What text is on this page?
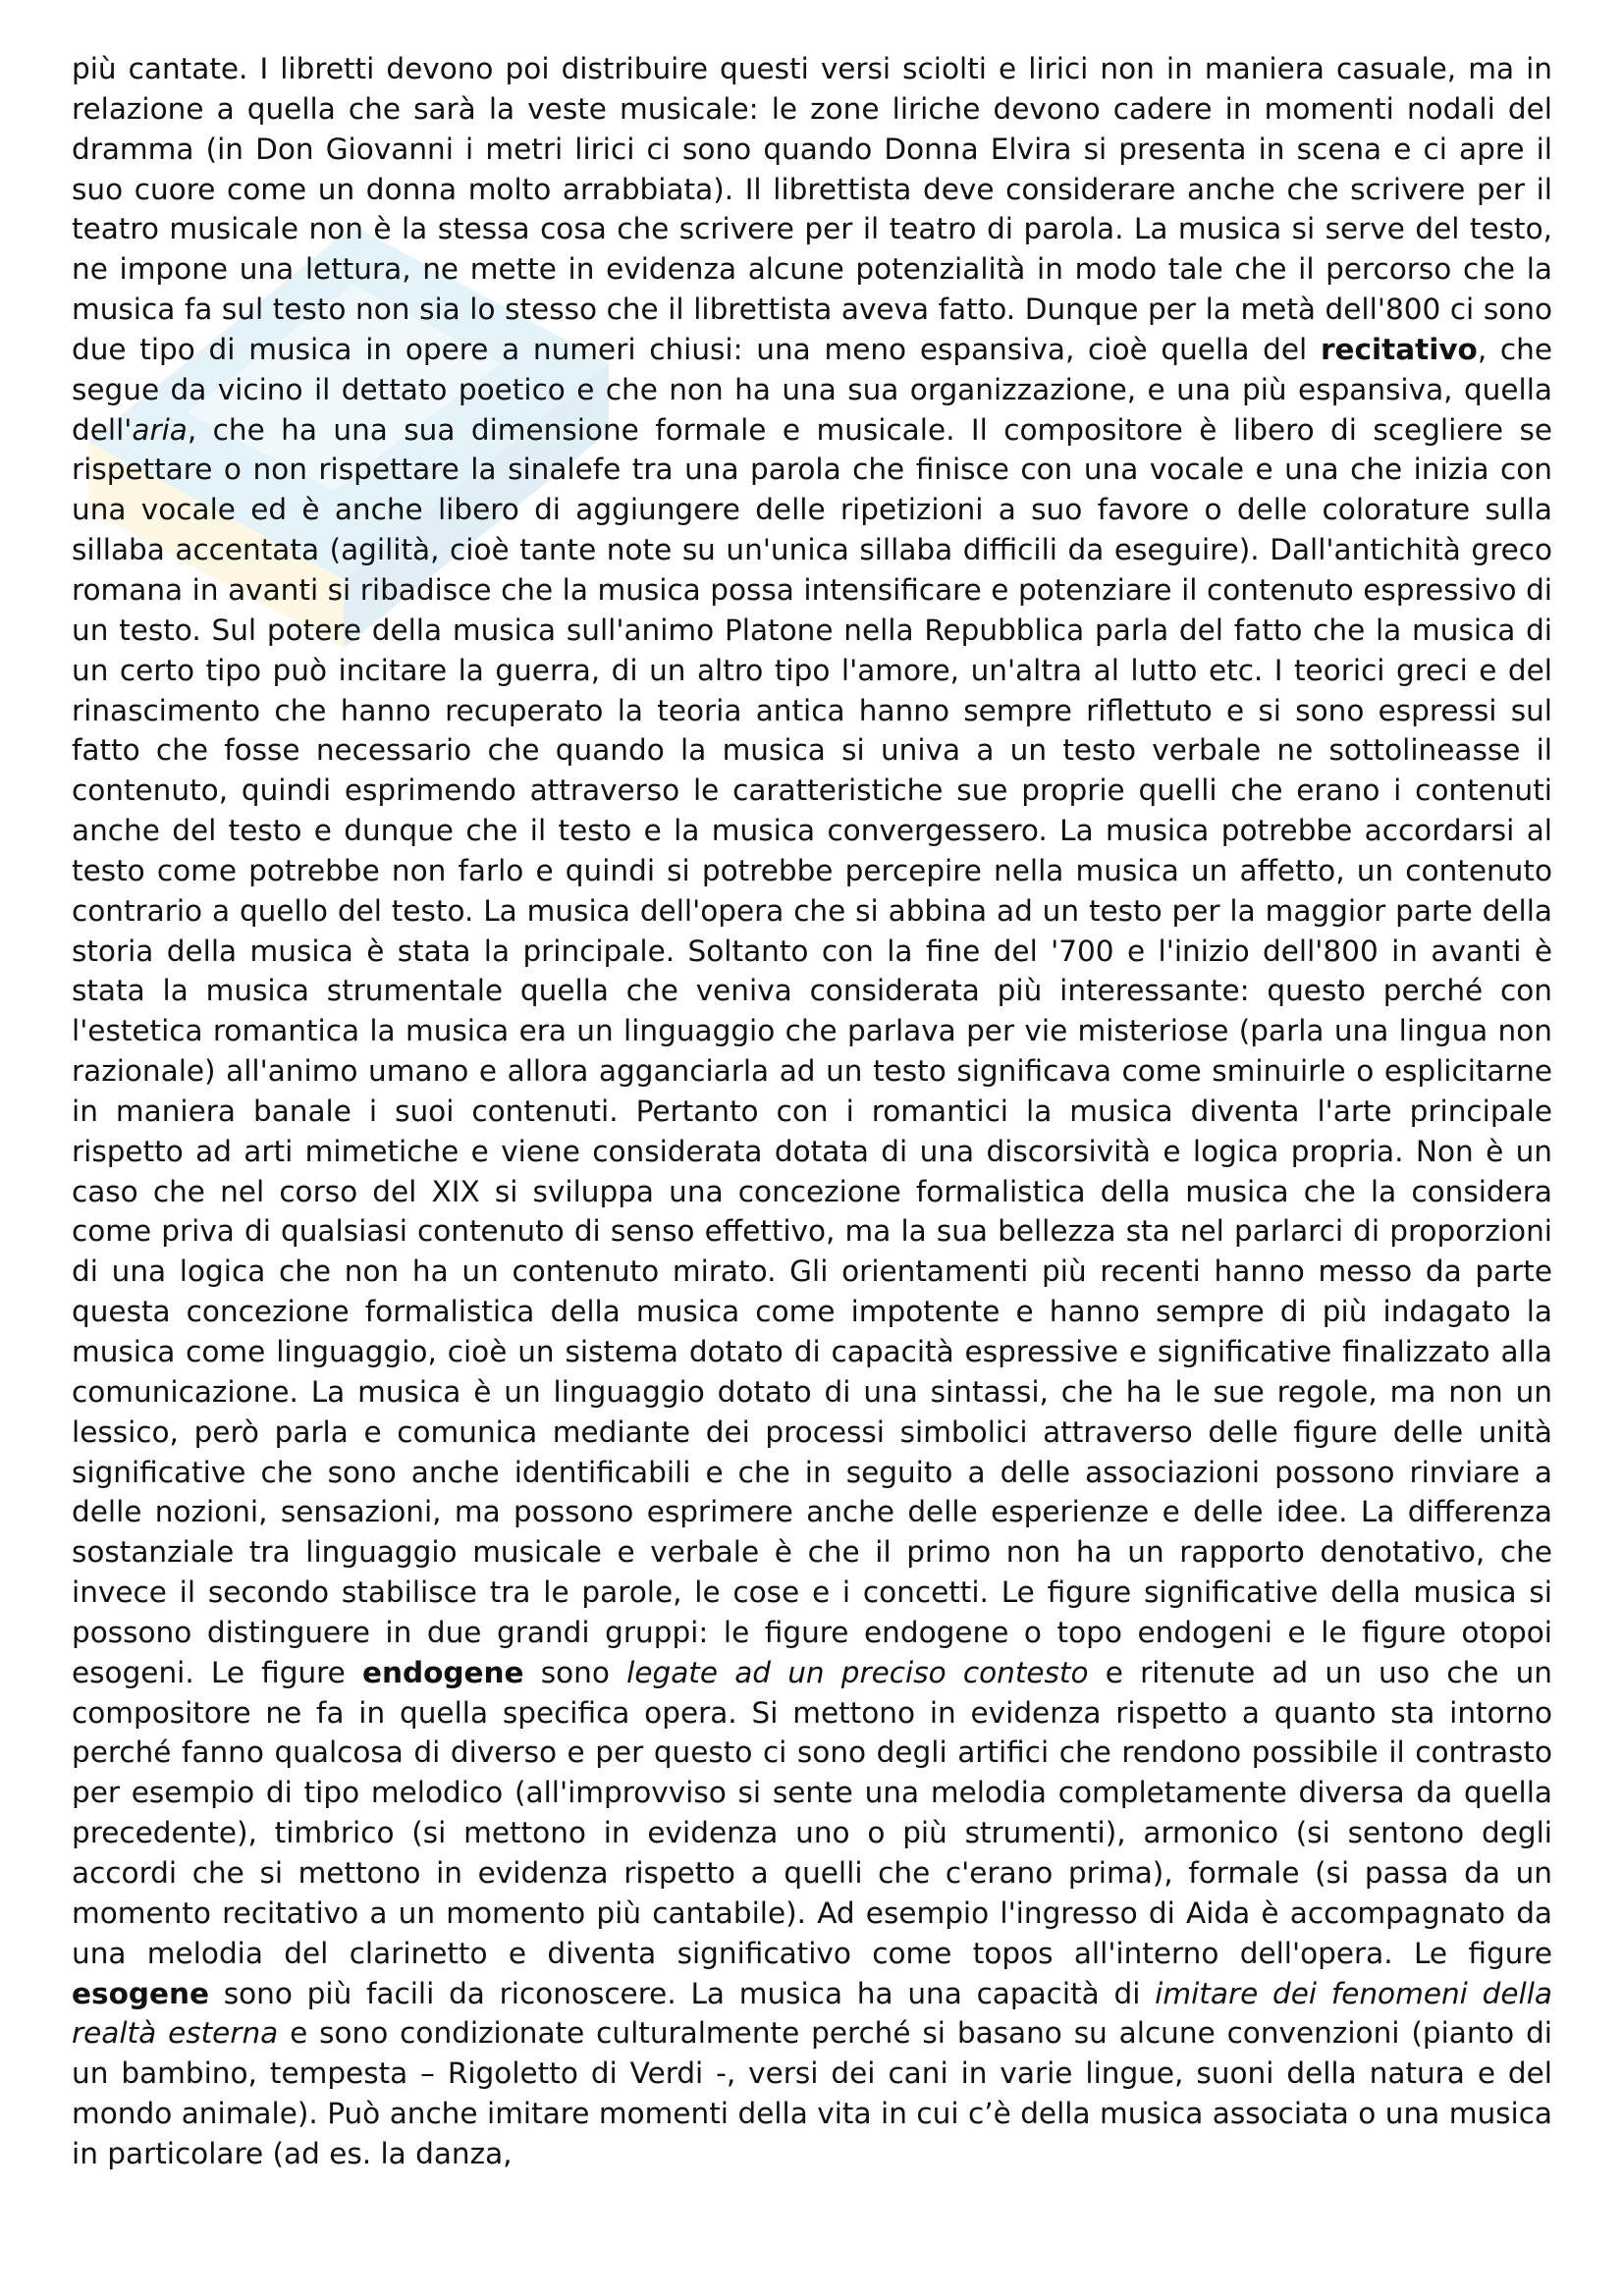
più cantate. I libretti devono poi distribuire questi versi sciolti e lirici non in maniera casuale, ma in relazione a quella che sarà la veste musicale: le zone liriche devono cadere in momenti nodali del dramma (in Don Giovanni i metri lirici ci sono quando Donna Elvira si presenta in scena e ci apre il suo cuore come un donna molto arrabbiata). Il librettista deve considerare anche che scrivere per il teatro musicale non è la stessa cosa che scrivere per il teatro di parola. La musica si serve del testo, ne impone una lettura, ne mette in evidenza alcune potenzialità in modo tale che il percorso che la musica fa sul testo non sia lo stesso che il librettista aveva fatto. Dunque per la metà dell'800 ci sono due tipo di musica in opere a numeri chiusi: una meno espansiva, cioè quella del recitativo, che segue da vicino il dettato poetico e che non ha una sua organizzazione, e una più espansiva, quella dell'aria, che ha una sua dimensione formale e musicale. Il compositore è libero di scegliere se rispettare o non rispettare la sinalefe tra una parola che finisce con una vocale e una che inizia con una vocale ed è anche libero di aggiungere delle ripetizioni a suo favore o delle colorature sulla sillaba accentata (agilità, cioè tante note su un'unica sillaba difficili da eseguire). Dall'antichità greco romana in avanti si ribadisce che la musica possa intensificare e potenziare il contenuto espressivo di un testo. Sul potere della musica sull'animo Platone nella Repubblica parla del fatto che la musica di un certo tipo può incitare la guerra, di un altro tipo l'amore, un'altra al lutto etc. I teorici greci e del rinascimento che hanno recuperato la teoria antica hanno sempre riflettuto e si sono espressi sul fatto che fosse necessario che quando la musica si univa a un testo verbale ne sottolineasse il contenuto, quindi esprimendo attraverso le caratteristiche sue proprie quelli che erano i contenuti anche del testo e dunque che il testo e la musica convergessero. La musica potrebbe accordarsi al testo come potrebbe non farlo e quindi si potrebbe percepire nella musica un affetto, un contenuto contrario a quello del testo. La musica dell'opera che si abbina ad un testo per la maggior parte della storia della musica è stata la principale. Soltanto con la fine del '700 e l'inizio dell'800 in avanti è stata la musica strumentale quella che veniva considerata più interessante: questo perché con l'estetica romantica la musica era un linguaggio che parlava per vie misteriose (parla una lingua non razionale) all'animo umano e allora agganciarla ad un testo significava come sminuirle o esplicitarne in maniera banale i suoi contenuti. Pertanto con i romantici la musica diventa l'arte principale rispetto ad arti mimetiche e viene considerata dotata di una discorsività e logica propria. Non è un caso che nel corso del XIX si sviluppa una concezione formalistica della musica che la considera come priva di qualsiasi contenuto di senso effettivo, ma la sua bellezza sta nel parlarci di proporzioni di una logica che non ha un contenuto mirato. Gli orientamenti più recenti hanno messo da parte questa concezione formalistica della musica come impotente e hanno sempre di più indagato la musica come linguaggio, cioè un sistema dotato di capacità espressive e significative finalizzato alla comunicazione. La musica è un linguaggio dotato di una sintassi, che ha le sue regole, ma non un lessico, però parla e comunica mediante dei processi simbolici attraverso delle figure delle unità significative che sono anche identificabili e che in seguito a delle associazioni possono rinviare a delle nozioni, sensazioni, ma possono esprimere anche delle esperienze e delle idee. La differenza sostanziale tra linguaggio musicale e verbale è che il primo non ha un rapporto denotativo, che invece il secondo stabilisce tra le parole, le cose e i concetti. Le figure significative della musica si possono distinguere in due grandi gruppi: le figure endogene o topo endogeni e le figure otopoi esogeni. Le figure endogene sono legate ad un preciso contesto e ritenute ad un uso che un compositore ne fa in quella specifica opera. Si mettono in evidenza rispetto a quanto sta intorno perché fanno qualcosa di diverso e per questo ci sono degli artifici che rendono possibile il contrasto per esempio di tipo melodico (all'improvviso si sente una melodia completamente diversa da quella precedente), timbrico (si mettono in evidenza uno o più strumenti), armonico (si sentono degli accordi che si mettono in evidenza rispetto a quelli che c'erano prima), formale (si passa da un momento recitativo a un momento più cantabile). Ad esempio l'ingresso di Aida è accompagnato da una melodia del clarinetto e diventa significativo come topos all'interno dell'opera. Le figure esogene sono più facili da riconoscere. La musica ha una capacità di imitare dei fenomeni della realtà esterna e sono condizionate culturalmente perché si basano su alcune convenzioni (pianto di un bambino, tempesta – Rigoletto di Verdi -, versi dei cani in varie lingue, suoni della natura e del mondo animale). Può anche imitare momenti della vita in cui c’è della musica associata o una musica in particolare (ad es. la danza,
